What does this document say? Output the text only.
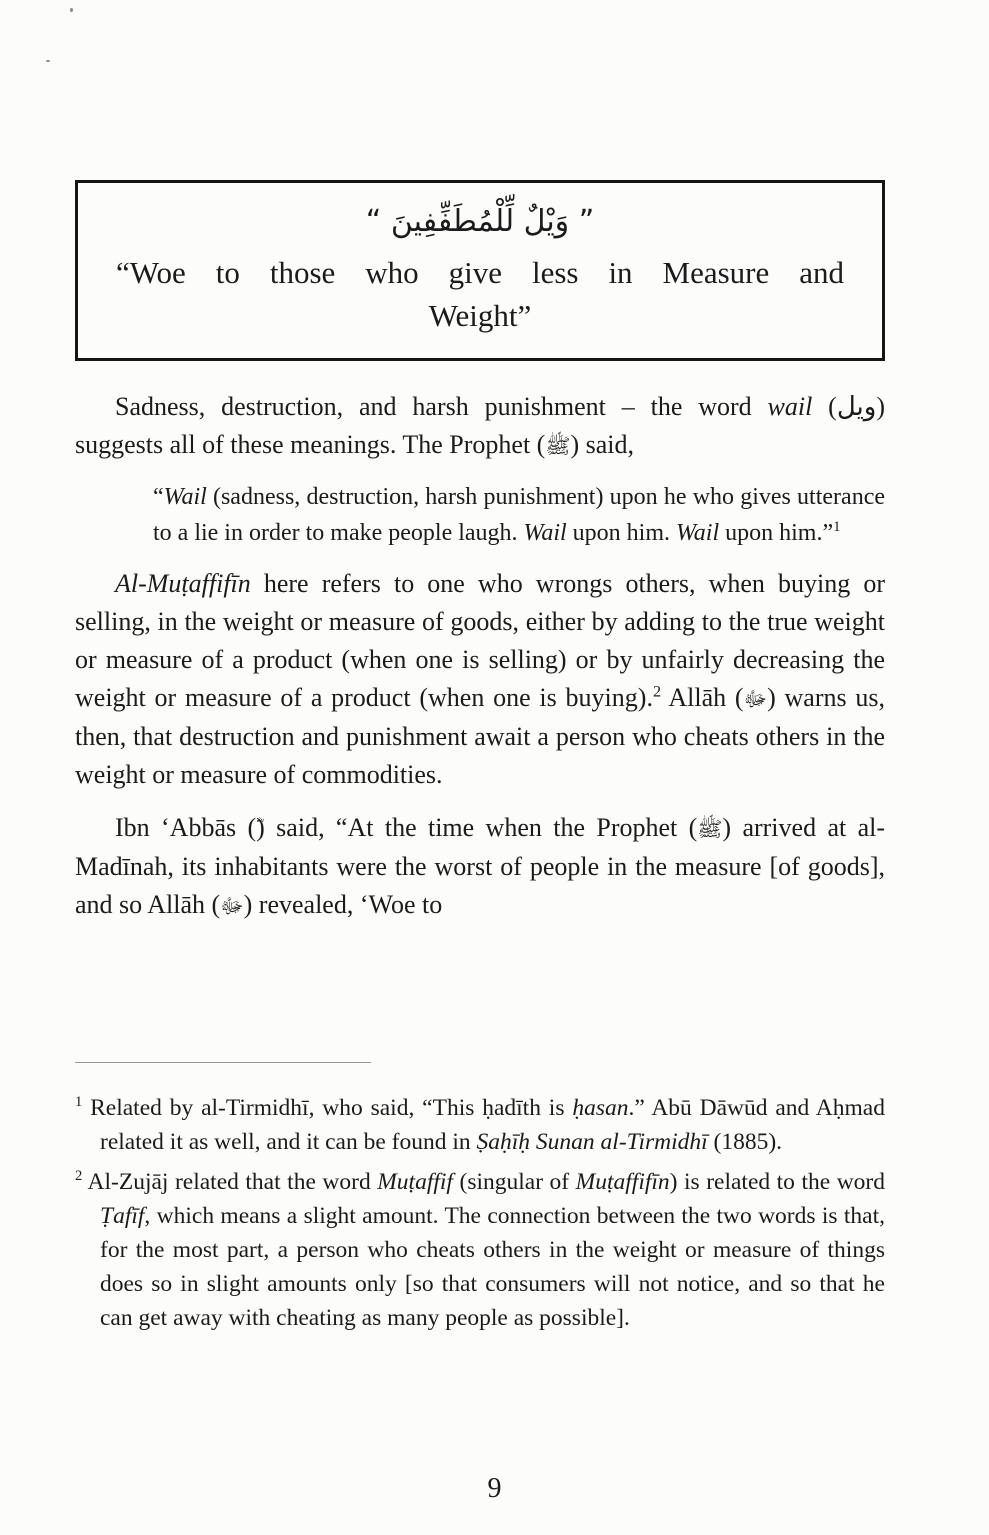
“ وَيْلٌ لِّلْمُطَفِّفِينَ ”
“Woe to those who give less in Measure and
Weight”

Sadness, destruction, and harsh punishment – the word wail (ويل) suggests all of these meanings. The Prophet (ﷺ) said,

“Wail (sadness, destruction, harsh punishment) upon he who gives utterance to a lie in order to make people laugh. Wail upon him. Wail upon him.”$^1$

Al-Muṭaffifīn here refers to one who wrongs others, when buying or selling, in the weight or measure of goods, either by adding to the true weight or measure of a product (when one is selling) or by unfairly decreasing the weight or measure of a product (when one is buying).$^2$ Allāh (ﷻ) warns us, then, that destruction and punishment await a person who cheats others in the weight or measure of commodities.

Ibn ‘Abbās () said, “At the time when the Prophet (ﷺ) arrived at al-Madīnah, its inhabitants were the worst of people in the measure [of goods], and so Allāh (ﷻ) revealed, ‘Woe to

$^1$ Related by al-Tirmidhī, who said, “This ḥadīth is ḥasan.” Abū Dāwūd and Aḥmad related it as well, and it can be found in Ṣaḥīḥ Sunan al-Tirmidhī (1885).

$^2$ Al-Zujāj related that the word Muṭaffif (singular of Muṭaffifīn) is related to the word Ṭafīf, which means a slight amount. The connection between the two words is that, for the most part, a person who cheats others in the weight or measure of things does so in slight amounts only [so that consumers will not notice, and so that he can get away with cheating as many people as possible].

9
